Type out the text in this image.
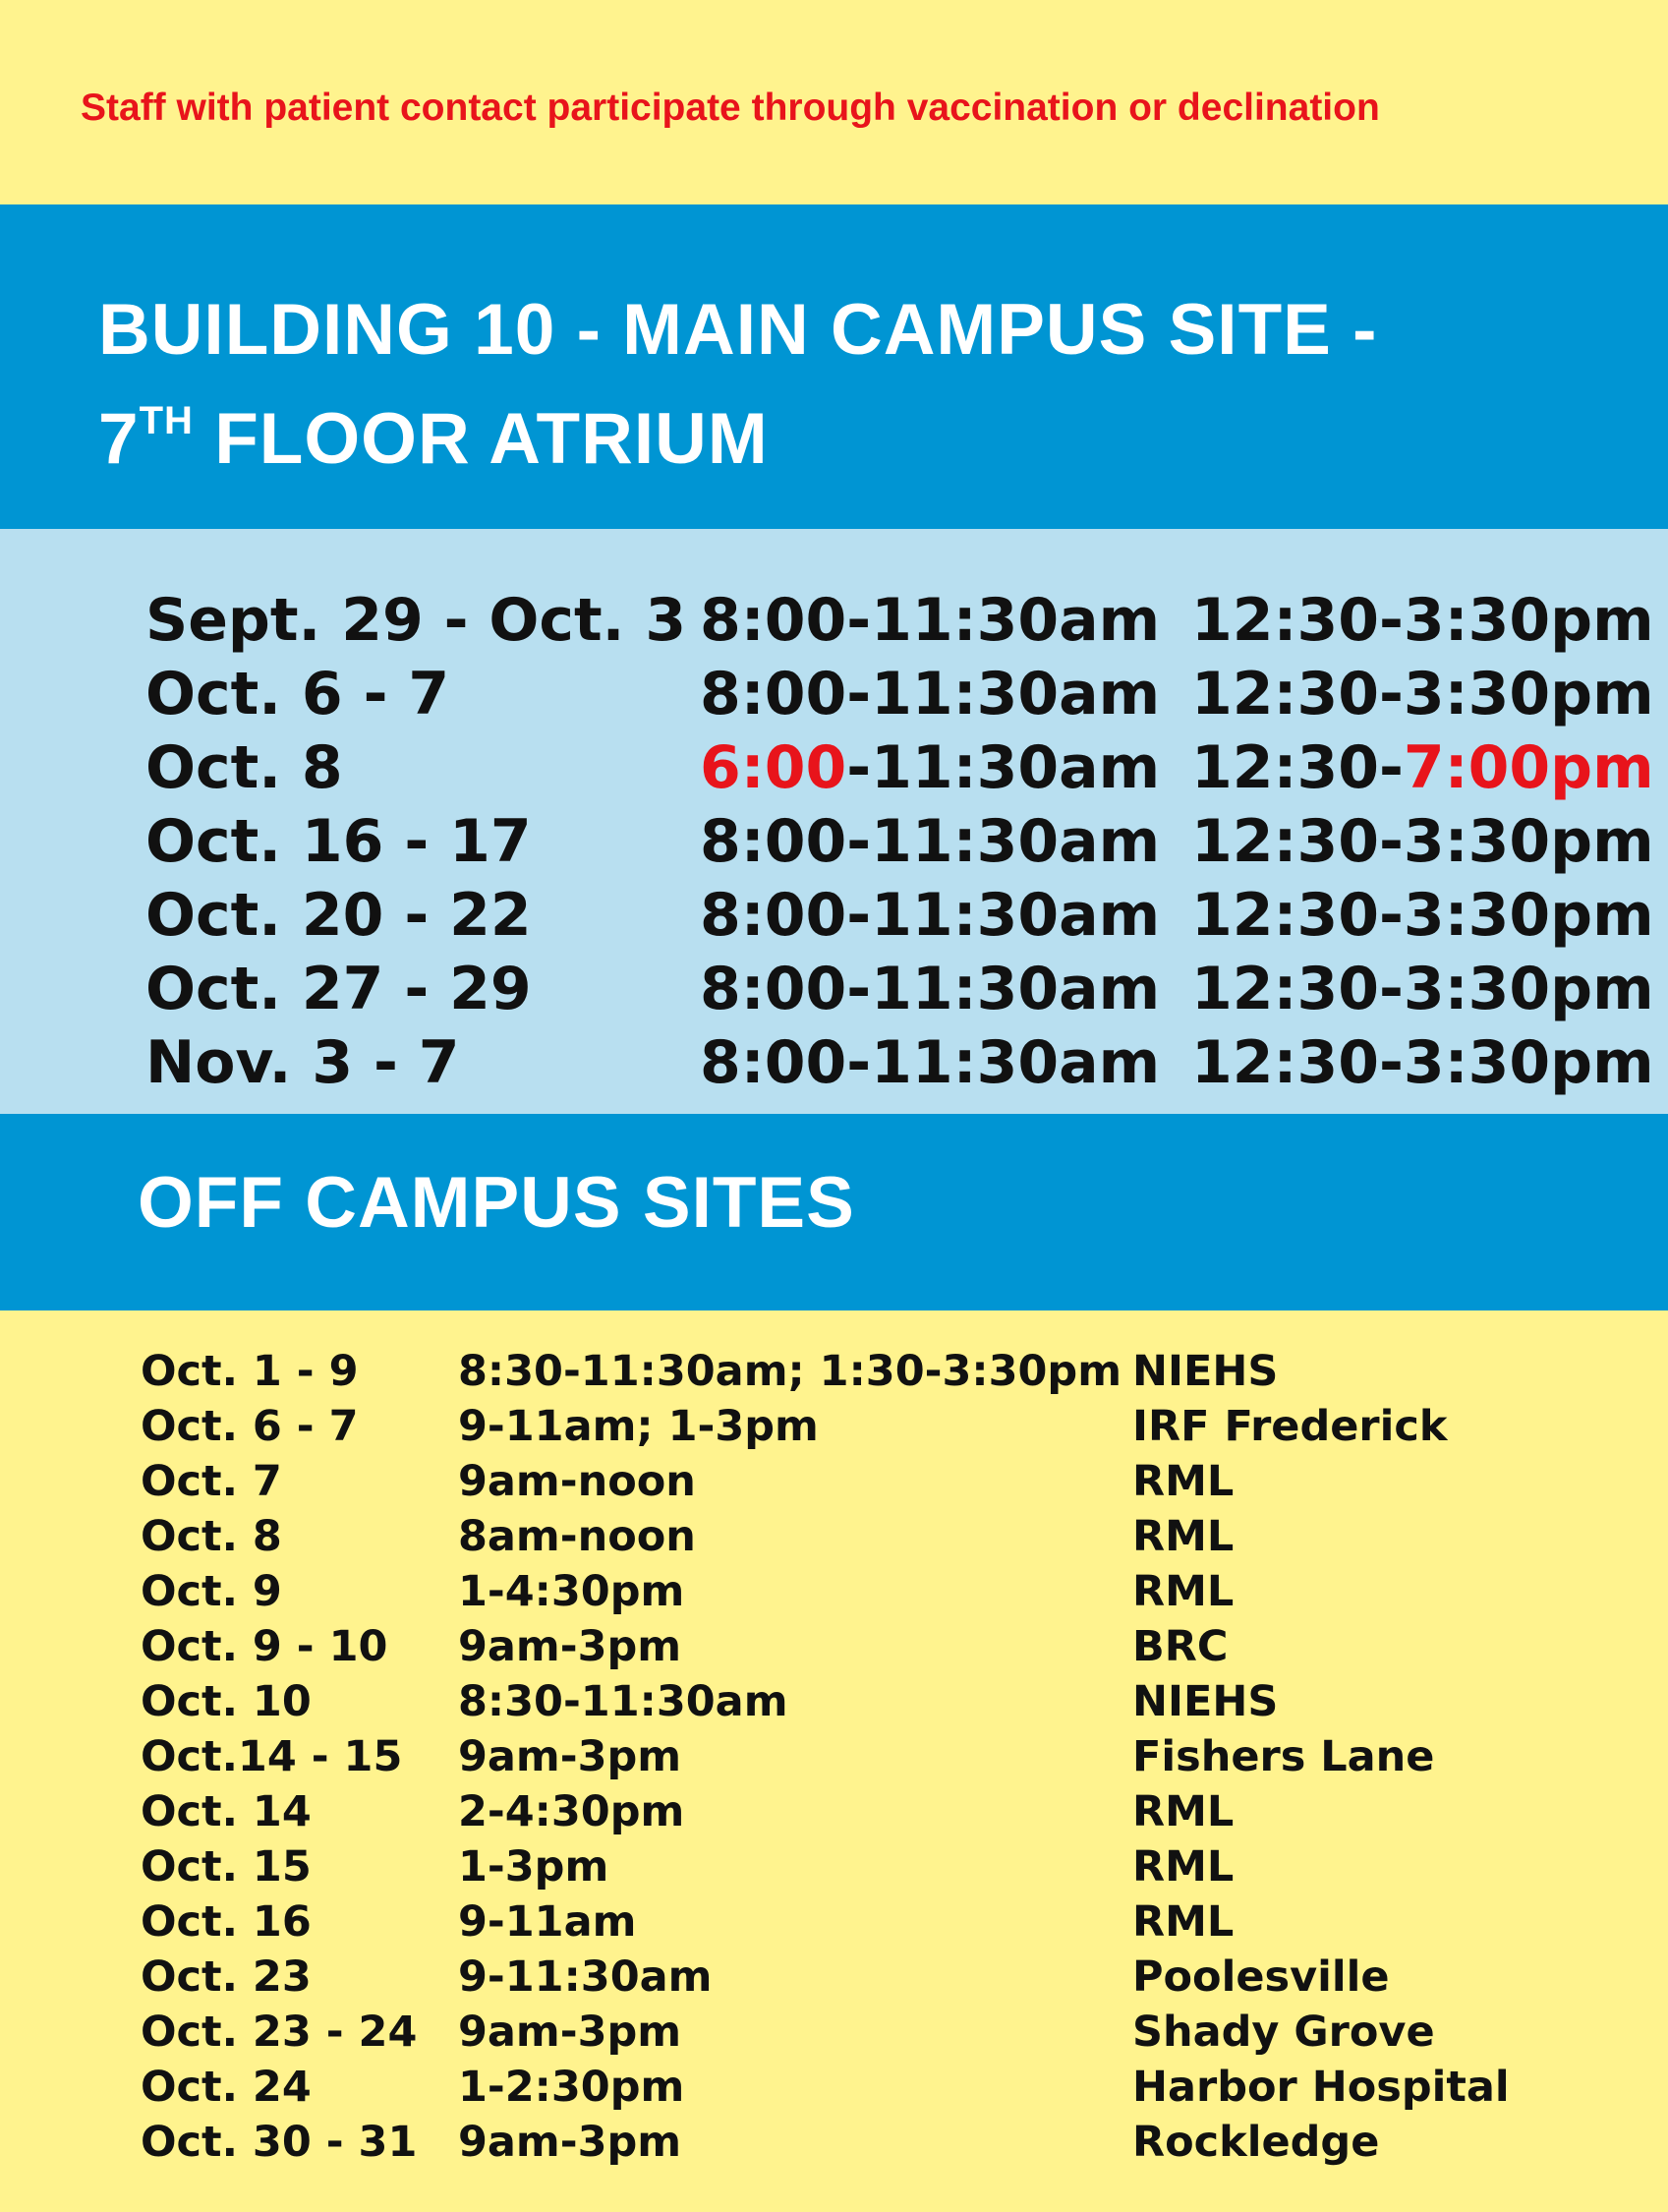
Staff with patient contact participate through vaccination or declination
BUILDING 10 - MAIN CAMPUS SITE -
7TH FLOOR ATRIUM
Sept. 29 - Oct. 3 8:00-11:30am 12:30-3:30pm
Oct. 6 - 7	8:00-11:30am 12:30-3:30pm
Oct. 8	6:00-11:30am 12:30-7:00pm
Oct. 16 - 17	8:00-11:30am 12:30-3:30pm
Oct. 20 - 22	8:00-11:30am 12:30-3:30pm
Oct. 27 - 29	8:00-11:30am 12:30-3:30pm
Nov. 3 - 7	8:00-11:30am 12:30-3:30pm
OFF CAMPUS SITES
Oct. 1 - 9 8:30-11:30am; 1:30-3:30pm NIEHS
Oct. 6 - 7 9-11am; 1-3pm	IRF Frederick
Oct. 7	9am-noon	RML
Oct. 8	8am-noon	RML
Oct. 9	1-4:30pm	RML
Oct. 9 - 10 9am-3pm	BRC
Oct. 10	8:30-11:30am	NIEHS
Oct.14 - 15 9am-3pm	Fishers Lane
Oct. 14	2-4:30pm	RML
Oct. 15	1-3pm	RML
Oct. 16	9-11am	RML
Oct. 23	9-11:30am	Poolesville
Oct. 23 - 24 9am-3pm	Shady Grove
Oct. 24	1-2:30pm	Harbor Hospital
Oct. 30 - 31 9am-3pm	Rockledge
